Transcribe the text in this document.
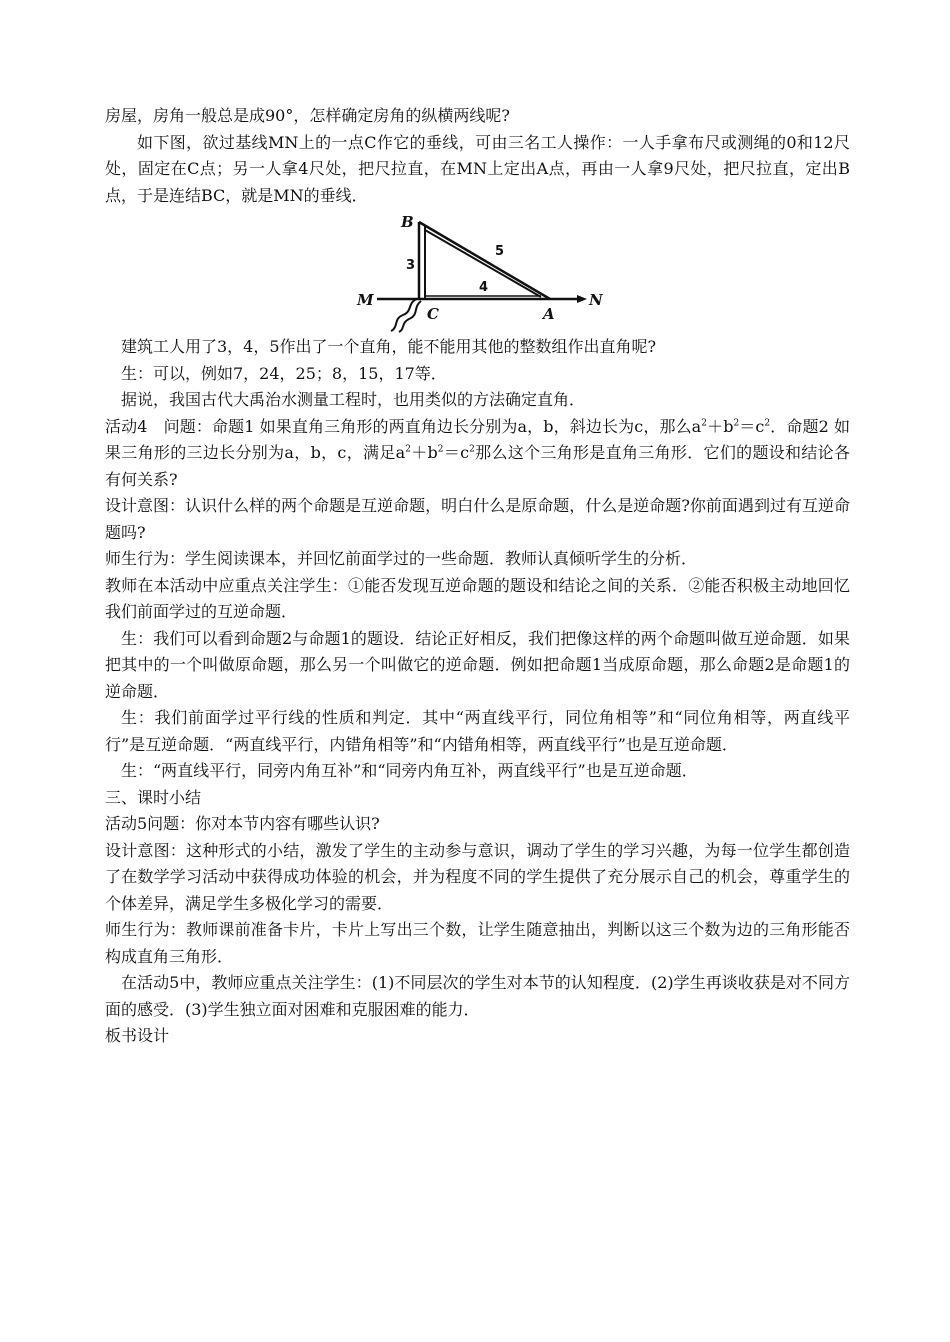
房屋，房角一般总是成90°，怎样确定房角的纵横两线呢?

如下图，欲过基线MN上的一点C作它的垂线，可由三名工人操作：一人手拿布尺或测绳的0和12尺处，固定在C点；另一人拿4尺处，把尺拉直，在MN上定出A点，再由一人拿9尺处，把尺拉直，定出B点，于是连结BC，就是MN的垂线．

B
M
C	A
N
3
4
5

建筑工人用了3，4，5作出了一个直角，能不能用其他的整数组作出直角呢?

生：可以，例如7，24，25；8，15，17等．

据说，我国古代大禹治水测量工程时，也用类似的方法确定直角．

活动4　问题：命题1 如果直角三角形的两直角边长分别为a，b，斜边长为c，那么$a^2+b^2=c^2$．命题2 如果三角形的三边长分别为a，b，c，满足$a^2+b^2=c^2$那么这个三角形是直角三角形．它们的题设和结论各有何关系?

设计意图：认识什么样的两个命题是互逆命题，明白什么是原命题，什么是逆命题?你前面遇到过有互逆命题吗?

师生行为：学生阅读课本，并回忆前面学过的一些命题．教师认真倾听学生的分析．

教师在本活动中应重点关注学生：①能否发现互逆命题的题设和结论之间的关系．②能否积极主动地回忆我们前面学过的互逆命题．

生：我们可以看到命题2与命题1的题设．结论正好相反，我们把像这样的两个命题叫做互逆命题．如果把其中的一个叫做原命题，那么另一个叫做它的逆命题．例如把命题1当成原命题，那么命题2是命题1的逆命题．

生：我们前面学过平行线的性质和判定．其中“两直线平行，同位角相等”和“同位角相等，两直线平行”是互逆命题．“两直线平行，内错角相等”和“内错角相等，两直线平行”也是互逆命题．

生：“两直线平行，同旁内角互补”和“同旁内角互补，两直线平行”也是互逆命题．

三、课时小结

活动5问题：你对本节内容有哪些认识?

设计意图：这种形式的小结，激发了学生的主动参与意识，调动了学生的学习兴趣，为每一位学生都创造了在数学学习活动中获得成功体验的机会，并为程度不同的学生提供了充分展示自己的机会，尊重学生的个体差异，满足学生多极化学习的需要．

师生行为：教师课前准备卡片，卡片上写出三个数，让学生随意抽出，判断以这三个数为边的三角形能否构成直角三角形．

在活动5中，教师应重点关注学生：(1)不同层次的学生对本节的认知程度．(2)学生再谈收获是对不同方面的感受．(3)学生独立面对困难和克服困难的能力．

板书设计
